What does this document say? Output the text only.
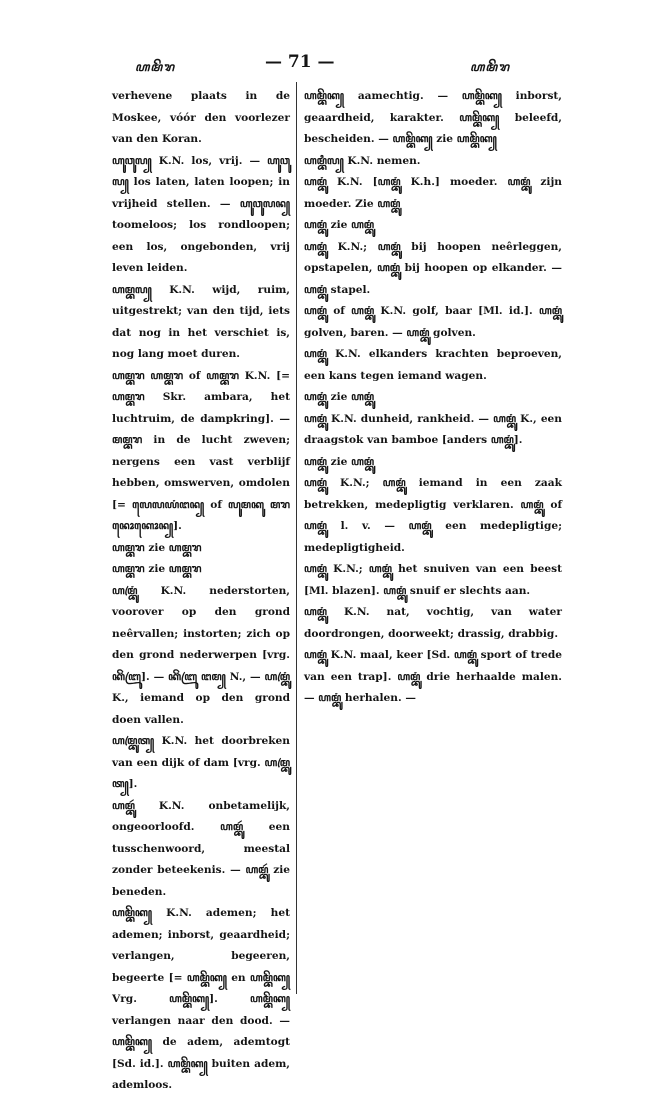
ꦲꦩꦼꦫ	— 71 —	ꦲꦩꦼꦫ

verhevene plaats in de Moskee, vóór den voorlezer van den Koran.

ꦲꦸꦮꦸꦭ꧀ K.N. los, vrij. — ꦲꦸꦮꦸꦭ꧀ los laten, laten loopen; in vrijheid stellen. — ꦲꦸꦮꦸꦭꦤ꧀ toomeloos; los rondloopen; een los, ongebonden, vrij leven leiden.

ꦲꦩ꧀ꦧꦭ꧀ K.N. wijd, ruim, uitgestrekt; van den tijd, iets dat nog in het verschiet is, nog lang moet duren.

ꦲꦩ꧀ꦧꦫ ꦲꦩ꧀ꦧꦫ of ꦲꦩ꧀ꦧꦫ K.N. [= ꦲꦩ꧀ꦧꦫ Skr. ambara, het luchtruim, de dampkring]. — ꦩꦩ꧀ꦧꦫ in de lucht zweven; nergens een vast verblijf hebben, omswerven, omdolen [= ꦭꦺꦭꦪꦁꦔꦤ꧀ of ꦭꦸꦩꦏꦸ ꦩꦫꦤꦺꦴꦏꦺꦴꦤ꧀].

ꦲꦩ꧀ꦧꦫ zie ꦲꦩ꧀ꦧꦫ

ꦲꦩ꧀ꦧꦫ zie ꦲꦩ꧀ꦧꦫ

ꦲꦩ꧀ꦧꦿꦸꦁ K.N. nederstorten, voorover op den grond neêrvallen; instorten; zich op den grond nederwerpen [vrg. ꦏꦼꦧꦿꦸꦁ]. — ꦏꦼꦧꦿꦸꦁ ꦔꦩ꧀ N., — ꦲꦩ꧀ꦧꦿꦸꦁ K., iemand op den grond doen vallen.

ꦲꦩ꧀ꦧꦿꦸꦠ꧀ K.N. het doorbreken van een dijk of dam [vrg. ꦲꦩ꧀ꦧꦿꦸꦠ꧀].

ꦲꦩ꧀ꦧꦸꦂ K.N. onbetamelijk, ongeoorloofd. ꦲꦩ꧀ꦧꦸꦂ een tusschenwoord, meestal zonder beteekenis. — ꦲꦩ꧀ꦧꦸꦂ zie beneden.

ꦲꦩ꧀ꦧꦼꦏ꧀ K.N. ademen; het ademen; inborst, geaardheid; verlangen, begeeren, begeerte [= ꦲꦩ꧀ꦧꦼꦏ꧀ en ꦲꦩ꧀ꦧꦼꦏ꧀ Vrg. ꦲꦩ꧀ꦧꦼꦏ꧀]. ꦲꦩ꧀ꦧꦼꦏ꧀ verlangen naar den dood. — ꦲꦩ꧀ꦧꦼꦏ꧀ de adem, ademtogt [Sd. id.]. ꦲꦩ꧀ꦧꦼꦏ꧀ buiten adem, ademloos.

ꦲꦩ꧀ꦧꦼꦏ꧀ aamechtig. — ꦲꦩ꧀ꦧꦼꦏ꧀ inborst, geaardheid, karakter. ꦲꦩ꧀ꦧꦼꦏ꧀ beleefd, bescheiden. — ꦲꦩ꧀ꦧꦼꦏ꧀ zie ꦲꦩ꧀ꦧꦼꦏ꧀

ꦲꦩ꧀ꦧꦶꦭ꧀ K.N. nemen.

ꦲꦩ꧀ꦧꦸꦁ K.N. [ꦲꦩ꧀ꦧꦸꦁ K.h.] moeder. ꦲꦩ꧀ꦧꦸꦁ zijn moeder. Zie ꦲꦩ꧀ꦧꦸꦁ

ꦲꦩ꧀ꦧꦸꦁ zie ꦲꦩ꧀ꦧꦸꦁ

ꦲꦩ꧀ꦧꦸꦁ K.N.; ꦲꦩ꧀ꦧꦸꦁ bij hoopen neêrleggen, opstapelen, ꦲꦩ꧀ꦧꦸꦁ bij hoopen op elkander. — ꦲꦩ꧀ꦧꦸꦁ stapel.

ꦲꦩ꧀ꦧꦸꦁ of ꦲꦩ꧀ꦧꦸꦁ K.N. golf, baar [Ml. id.]. ꦲꦩ꧀ꦧꦸꦁ golven, baren. — ꦲꦩ꧀ꦧꦸꦁ golven.

ꦲꦩ꧀ꦧꦸꦁ K.N. elkanders krachten beproeven, een kans tegen iemand wagen.

ꦲꦩ꧀ꦧꦸꦁ zie ꦲꦩ꧀ꦧꦸꦁ

ꦲꦩ꧀ꦧꦸꦁ K.N. dunheid, rankheid. — ꦲꦩ꧀ꦧꦸꦁ K., een draagstok van bamboe [anders ꦲꦩ꧀ꦧꦸꦁ].

ꦲꦩ꧀ꦧꦸꦁ zie ꦲꦩ꧀ꦧꦸꦁ

ꦲꦩ꧀ꦧꦸꦁ K.N.; ꦲꦩ꧀ꦧꦸꦁ iemand in een zaak betrekken, medepligtig verklaren. ꦲꦩ꧀ꦧꦸꦁ of ꦲꦩ꧀ꦧꦸꦁ l. v. — ꦲꦩ꧀ꦧꦸꦁ een medepligtige; medepligtigheid.

ꦲꦩ꧀ꦧꦸꦁ K.N.; ꦲꦩ꧀ꦧꦸꦁ het snuiven van een beest [Ml. blazen]. ꦲꦩ꧀ꦧꦸꦁ snuif er slechts aan.

ꦲꦩ꧀ꦧꦸꦁ K.N. nat, vochtig, van water doordrongen, doorweekt; drassig, drabbig.

ꦲꦩ꧀ꦧꦸꦁ K.N. maal, keer [Sd. ꦲꦩ꧀ꦧꦸꦁ sport of trede van een trap]. ꦲꦩ꧀ꦧꦸꦁ drie herhaalde malen. — ꦲꦩ꧀ꦧꦸꦁ herhalen. —
